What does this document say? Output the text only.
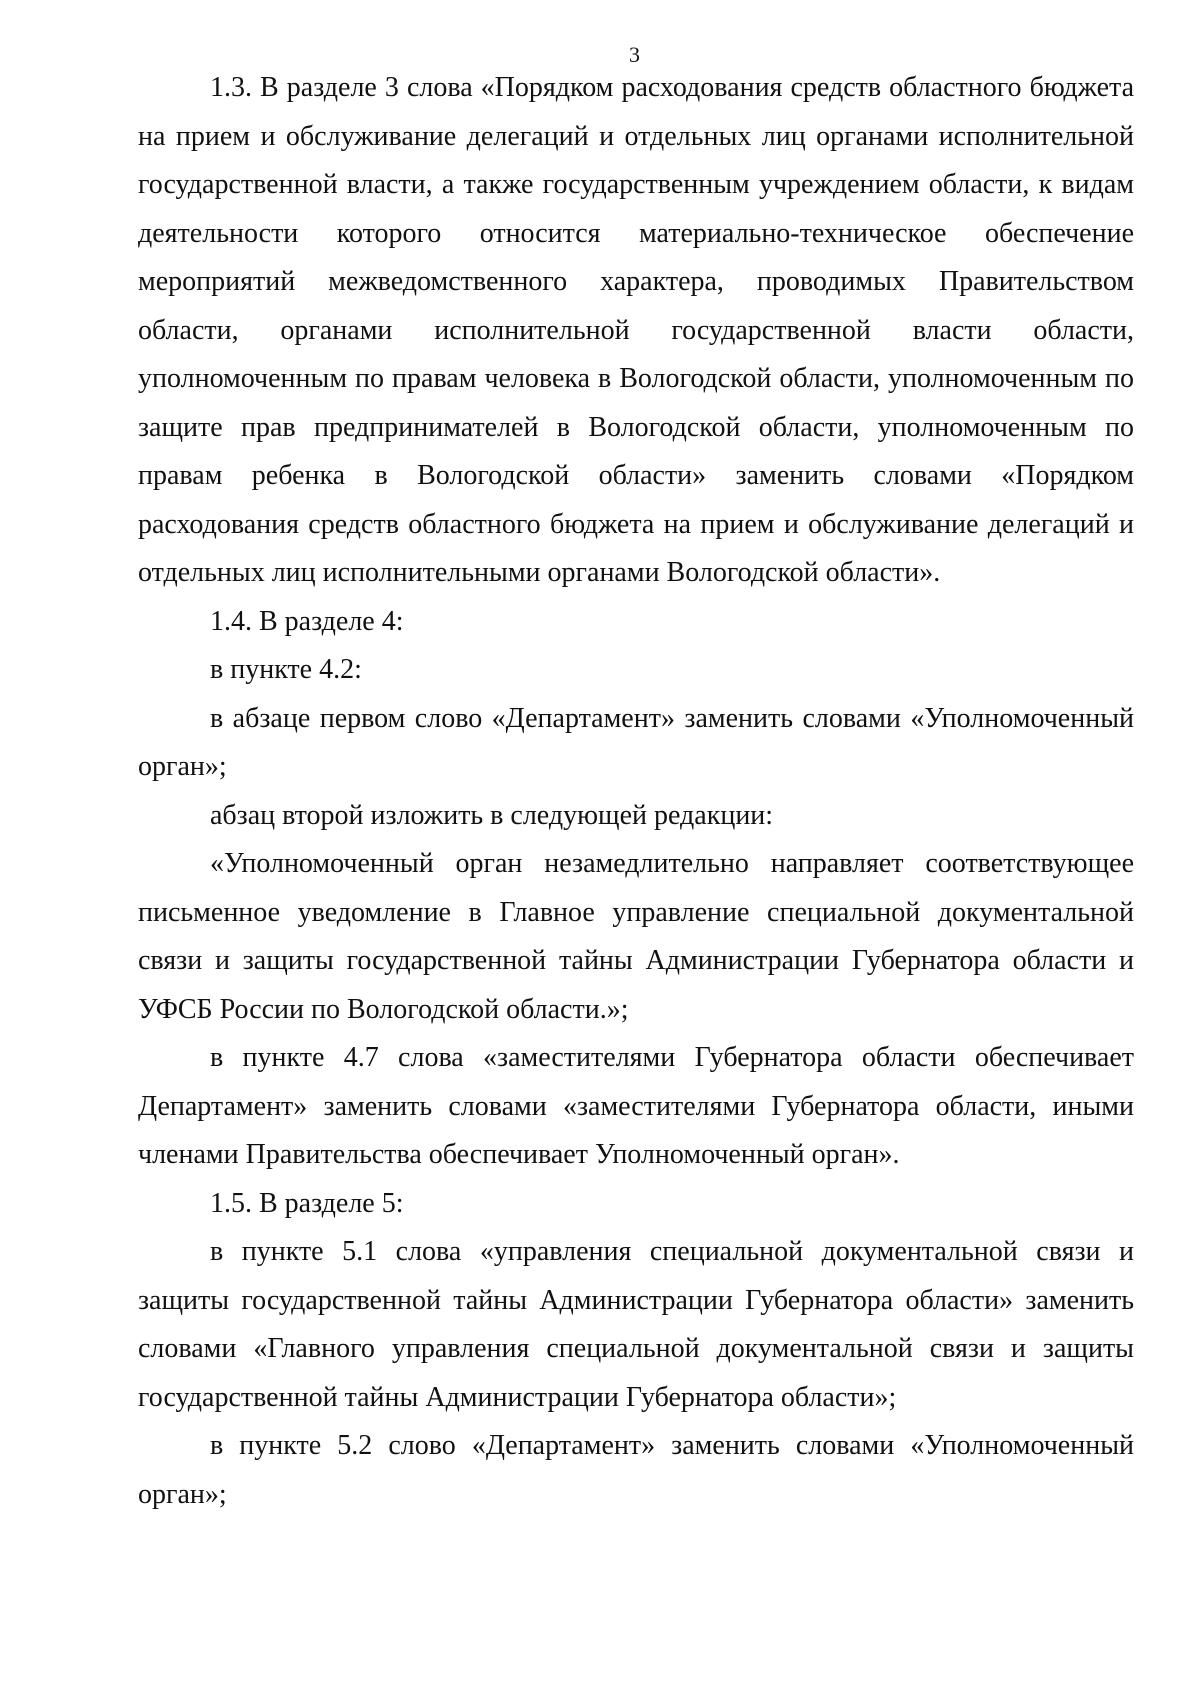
3

1.3. В разделе 3 слова «Порядком расходования средств областного бюджета на прием и обслуживание делегаций и отдельных лиц органами исполнительной государственной власти, а также государственным учреждением области, к видам деятельности которого относится материально-техническое обеспечение мероприятий межведомственного характера, проводимых Правительством области, органами исполнительной государственной власти области, уполномоченным по правам человека в Вологодской области, уполномоченным по защите прав предпринимателей в Вологодской области, уполномоченным по правам ребенка в Вологодской области» заменить словами «Порядком расходования средств областного бюджета на прием и обслуживание делегаций и отдельных лиц исполнительными органами Вологодской области».

1.4. В разделе 4:

в пункте 4.2:

в абзаце первом слово «Департамент» заменить словами «Уполномоченный орган»;

абзац второй изложить в следующей редакции:

«Уполномоченный орган незамедлительно направляет соответствующее письменное уведомление в Главное управление специальной документальной связи и защиты государственной тайны Администрации Губернатора области и УФСБ России по Вологодской области.»;

в пункте 4.7 слова «заместителями Губернатора области обеспечивает Департамент» заменить словами «заместителями Губернатора области, иными членами Правительства обеспечивает Уполномоченный орган».

1.5. В разделе 5:

в пункте 5.1 слова «управления специальной документальной связи и защиты государственной тайны Администрации Губернатора области» заменить словами «Главного управления специальной документальной связи и защиты государственной тайны Администрации Губернатора области»;

в пункте 5.2 слово «Департамент» заменить словами «Уполномоченный орган»;
